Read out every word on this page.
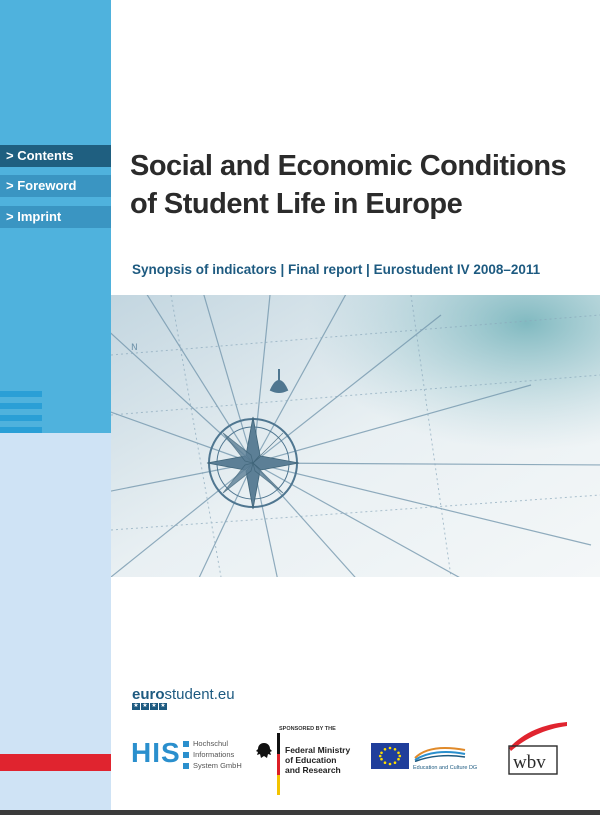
> Contents
> Foreword
> Imprint
Social and Economic Conditions
of Student Life in Europe
Synopsis of indicators | Final report | Eurostudent IV 2008–2011
N
eurostudent.eu
★ ★ ★ ★
HIS	Hochschul
Informations
System GmbH
SPONSORED BY THE
Federal Ministry
of Education
and Research	Education and Culture DG wbv
